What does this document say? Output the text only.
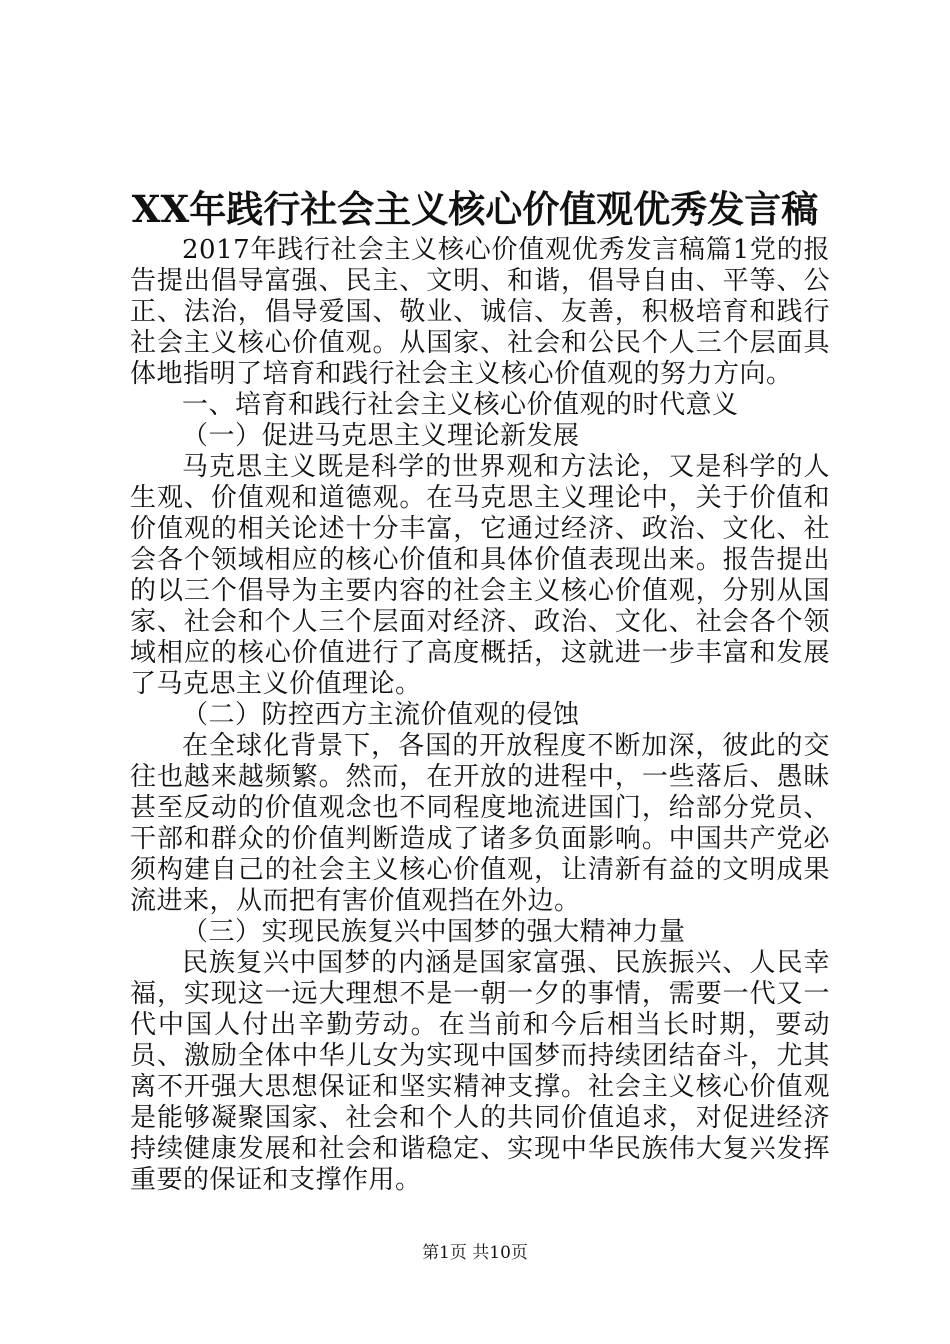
XX年践行社会主义核心价值观优秀发言稿

2017年践行社会主义核心价值观优秀发言稿篇1党的报告提出倡导富强、民主、文明、和谐，倡导自由、平等、公正、法治，倡导爱国、敬业、诚信、友善，积极培育和践行社会主义核心价值观。从国家、社会和公民个人三个层面具体地指明了培育和践行社会主义核心价值观的努力方向。

一、培育和践行社会主义核心价值观的时代意义

（一）促进马克思主义理论新发展

马克思主义既是科学的世界观和方法论，又是科学的人生观、价值观和道德观。在马克思主义理论中，关于价值和价值观的相关论述十分丰富，它通过经济、政治、文化、社会各个领域相应的核心价值和具体价值表现出来。报告提出的以三个倡导为主要内容的社会主义核心价值观，分别从国家、社会和个人三个层面对经济、政治、文化、社会各个领域相应的核心价值进行了高度概括，这就进一步丰富和发展了马克思主义价值理论。

（二）防控西方主流价值观的侵蚀

在全球化背景下，各国的开放程度不断加深，彼此的交往也越来越频繁。然而，在开放的进程中，一些落后、愚昧甚至反动的价值观念也不同程度地流进国门，给部分党员、干部和群众的价值判断造成了诸多负面影响。中国共产党必须构建自己的社会主义核心价值观，让清新有益的文明成果流进来，从而把有害价值观挡在外边。

（三）实现民族复兴中国梦的强大精神力量

民族复兴中国梦的内涵是国家富强、民族振兴、人民幸福，实现这一远大理想不是一朝一夕的事情，需要一代又一代中国人付出辛勤劳动。在当前和今后相当长时期，要动员、激励全体中华儿女为实现中国梦而持续团结奋斗，尤其离不开强大思想保证和坚实精神支撑。社会主义核心价值观是能够凝聚国家、社会和个人的共同价值追求，对促进经济持续健康发展和社会和谐稳定、实现中华民族伟大复兴发挥重要的保证和支撑作用。

第1页 共10页
